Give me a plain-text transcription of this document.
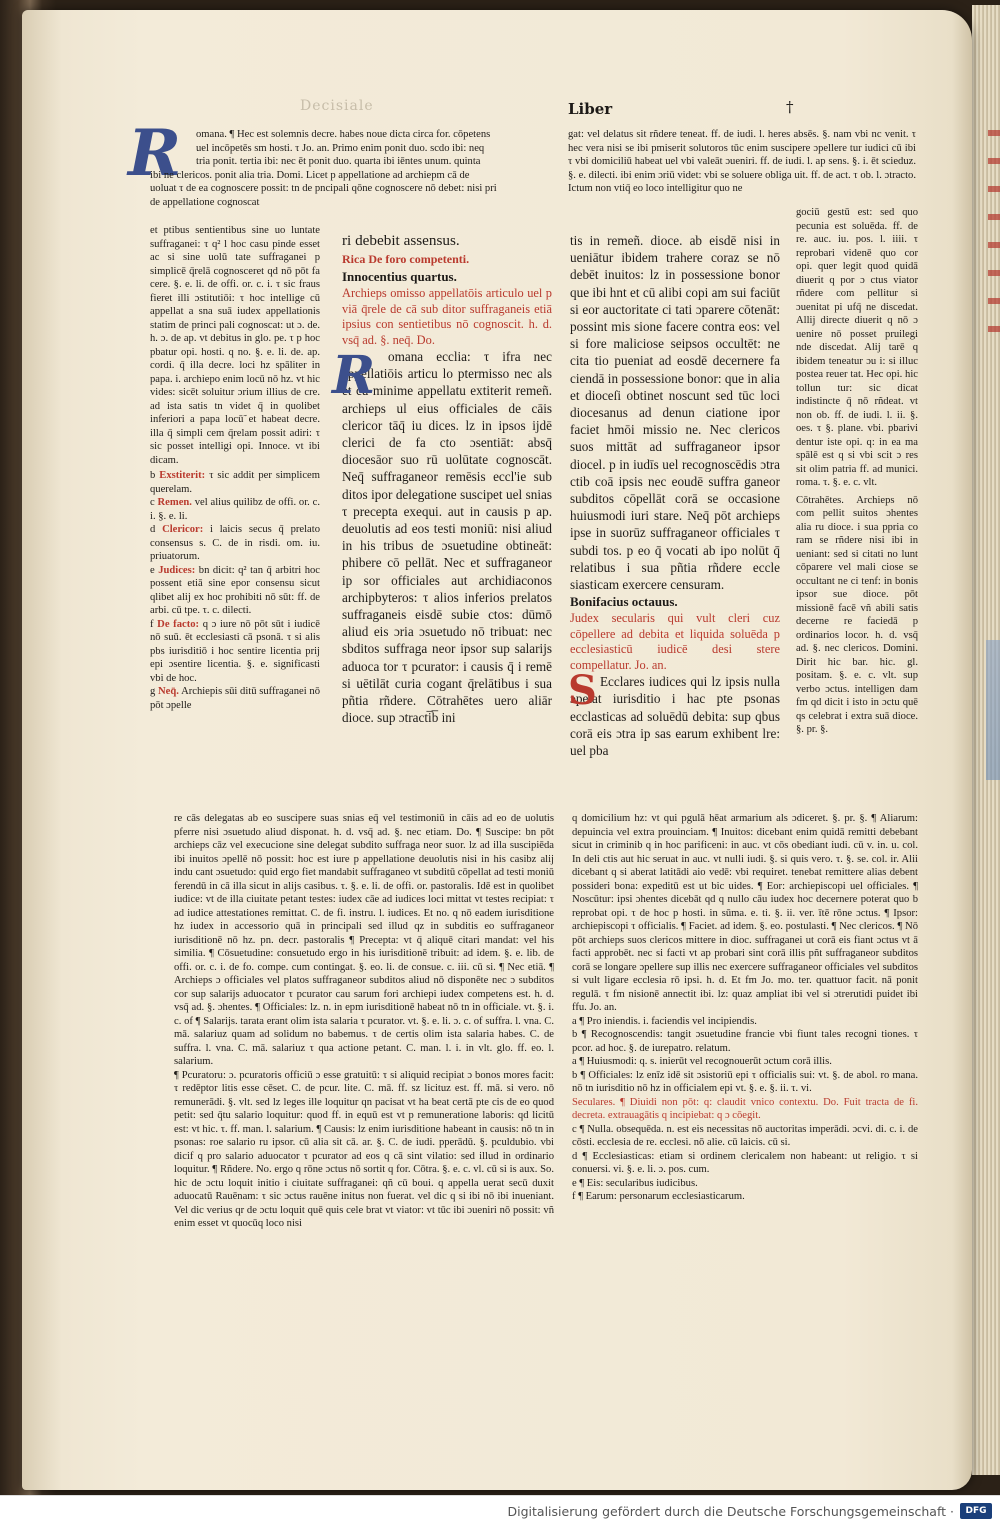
Decisiale	Liber	†
R omana. ¶ Hec est solemnis decre. habes noue dicta circa for. cōpetens

uel incōpetēs sm hosti. τ Jo. an. Primo enim ponit duo. scdo ibi: neq

tria ponit. tertia ibi: nec ēt ponit duo. quarta ibi iēntes unum. quinta

ibi ne clericos. ponit alia tria. Domi. Licet p appellatione ad archiepm cā de

uoluat τ de ea cognoscere possit: tn de pncipali qōne cognoscere nō debet: nisi pri

de appellatione cognoscat

et ptibus sentientibus sine uo luntate suffraganei: τ q² l hoc casu pinde esset ac si sine uolū tate suffraganei p simplicē q̄relā cognosceret qd nō pōt fa cere. §. e. li. de offi. or. c. i. τ sic fraus fieret illi ɔstitutiōi: τ hoc intellige cū appellat a sna suā iudex appellationis statim de princi pali cognoscat: ut ɔ. de. h. ɔ. de ap. vt debitus in glo. pe. τ p hoc pbatur opi. hosti. q no. §. e. li. de. ap. cordi. q̄ illa decre. loci hz spāliter in papa. i. archiepo enim locū nō hz. vt hic vides: sicēt soluitur ɔrium illius de cre. ad ista satis tn videt q̄ in quolibet inferiori a papa locū̃ et habeat decre. illa q̄ simpli cem q̄relam possit adiri: τ sic posset intelligi opi. Innoce. vt ibi dicam.

b Exstiterit: τ sic addit per simplicem querelam.

c Remen. vel alius quilibz de offi. or. c. i. §. e. li.

d Clericor: i laicis secus q̄ prelato consensus s. C. de in risdi. om. iu. priuatorum.

e Judices: bn dicit: q² tan q̄ arbitri hoc possent etiā sine epor consensu sicut qlibet alij ex hoc prohibiti nō sūt: ff. de arbi. cū tpe. τ. c. dilecti.

f De facto: q ɔ iure nō pōt sūt i iudicē nō suū. ēt ecclesiasti cā psonā. τ si alis pbs iurisditiō i hoc sentire licentia prij epi ɔsentire licentia. §. e. significasti vbi de hoc.

g Neq̄. Archiepis sūi ditū suffraganei nō pōt ɔpelle

ri debebit assensus.

Rica De foro competenti.

Innocentius quartus.

Archieps omisso appellatōis articulo uel p viā q̄rele de cā sub ditor suffraganeis etiā ipsius con sentietibus nō cognoscit. h. d. vsq̄ ad. §. neq̄. Do.

R omana ecclia: τ ifra nec appellatiōis articu lo ptermisso nec als et cū minime appellatu extiterit remeñ. archieps ul eius officiales de cāis clericor tāq̄ iu dices. lz in ipsos ijdē clerici de fa cto ɔsentiāt: absq̄ diocesāor suo rū uolūtate cognoscāt. Neq̄ suffraganeor remēsis eccl'ie sub ditos ipor delegatione suscipet uel snias τ precepta exequi. aut in causis p ap. deuolutis ad eos testi moniū: nisi aliud in his tribus de ɔsuetudine obtineāt: phibere cō pellāt. Nec et suffraganeor ip sor officiales aut archidiaconos archipbyteros: τ alios inferios prelatos suffraganeis eisdē subie ctos: dūmō aliud eis ɔria ɔsuetudo nō tribuat: nec sbditos suffraga neor ipsor sup salarijs aduoca tor τ pcurator: i causis q̄ i remē si uētilāt curia cogant q̄relātibus i sua pñtia rñdere. Cōtrahētes uero aliār dioce. sup ɔtracti̅b̅ ini

gat: vel delatus sit rñdere teneat. ff. de iudi. l. heres absēs. §. nam vbi nc venit. τ hec vera nisi se ibi pmiserit solutoros tūc enim suscipere ɔpellere tur iudici cū ibi τ vbi domiciliū habeat uel vbi valeāt ɔueniri. ff. de iudi. l. ap sens. §. i. ēt scieduz. §. e. dilecti. ibi enim ɔriū videt: vbi se soluere obliga uit. ff. de act. τ ob. l. ɔtracto. Ictum non vtiq̄ eo loco intelligitur quo ne

tis in remeñ. dioce. ab eisdē nisi in ueniātur ibidem trahere coraz se nō debēt inuitos: lz in possessione bonor que ibi hnt et cū alibi copi am sui faciūt si eor auctoritate ci tati ɔparere cōtenāt: possint mis sione facere contra eos: vel si fore maliciose seipsos occultēt: ne cita tio pueniat ad eosdē decernere fa ciendā in possessione bonor: que in alia et dioceſi obtinet noscunt sed tūc loci diocesanus ad denun ciatione ipor faciet hmōi missio ne. Nec clericos suos mittāt ad suffraganeor ipsor diocel. p in iudīs uel recognoscēdis ɔtra ctib coā ipsis nec eoudē suffra ganeor subditos cōpellāt corā se occasione huiusmodi iuri stare. Neq̄ pōt archieps ipse in suorūz suffraganeor officiales τ subdi tos. p eo q̄ vocati ab ipo nolūt q̄ relatibus i sua pñtia rñdere eccle siasticam exercere censuram.

Bonifacius octauus.

Judex secularis qui vult cleri cuz cōpellere ad debita et liquida soluēda p ecclesiasticū iudicē desi stere compellatur. Jo. an.

S Ecclares iudices qui lz ipsis nulla ɔpetat iurisditio i hac pte psonas ecclasticas ad soluēdū debita: sup qbus corā eis ɔtra ip sas earum exhibent lre: uel pba

gociū gestū est: sed quo pecunia est soluēda. ff. de re. auc. iu. pos. l. iiii. τ reprobari videnē quo cor opi. quer legit quod quidā diuerit q por ɔ ctus viator rñdere com pellitur si ɔuenitat pi ufq̄ ne discedat. Allij directe diuerit q nō ɔ uenire nō posset pruilegi nde discedat. Alij tarē q ibidem teneatur ɔu i: si illuc postea reuer tat. Hec opi. hic tollun tur: sic dicat indistincte q̄ nō rñdeat. vt non ob. ff. de iudi. l. ii. §. oes. τ §. plane. vbi. pbarivi dentur iste opi. q: in ea ma spālē est q si vbi scit ɔ res sit olim patria ff. ad munici. roma. τ. §. e. c. vlt.

Cōtrahētes. Archieps nō com pellit suitos ɔhentes alia ru dioce. i sua ppria co ram se rñdere nisi ibi in ueniant: sed si citati no lunt cōparere vel mali ciose se occultant ne ci tenf: in bonis ipsor sue dioce. pōt missionē facē vñ abili satis decerne re faciedā p ordinarios locor. h. d. vsq̄ ad. §. nec clericos. Domini. Dirit hic bar. hic. gl. positam. §. e. c. vlt. sup verbo ɔctus. intelligen dam fm qd dicit i isto in ɔctu quē qs celebrat i extra suā dioce. §. pr. §.

re cās delegatas ab eo suscipere suas snias eq̄ vel testimoniū in cāis ad eo de uolutis pferre nisi ɔsuetudo aliud disponat. h. d. vsq̄ ad. §. nec etiam. Do. ¶ Suscipe: bn pōt archieps cāz vel execucione sine delegat subdito suffraga neor suor. lz ad illa suscipiēda ibi inuitos ɔpellē nō possit: hoc est iure p appellatione deuolutis nisi in his casibz alij indu cant ɔsuetudo: quid ergo fiet mandabit suffraganeo vt subditū cōpellat ad testi moniū ferendū in cā illa sicut in alijs casibus. τ. §. e. li. de offi. or. pastoralis. Idē est in quolibet iudice: vt de illa ciuitate petant testes: iudex cāe ad iudices loci mittat vt testes recipiat: τ ad iudice attestationes remittat. C. de fi. instru. l. iudices. Et no. q nō eadem iurisditione hz iudex in accessorio quā in principali sed illud qz in subditis eo suffraganeor iurisditionē nō hz. pn. decr. pastoralis ¶ Precepta: vt q̄ aliquē citari mandat: vel his similia. ¶ Cōsuetudine: consuetudo ergo in his iurisditionē tribuit: ad idem. §. e. lib. de offi. or. c. i. de fo. compe. cum contingat. §. eo. li. de consue. c. iii. cū si. ¶ Nec etiā. ¶ Archieps ɔ officiales vel platos suffraganeor subditos aliud nō disponēte nec ɔ subditos cor sup salarijs aduocator τ pcurator cau sarum fori archiepi iudex competens est. h. d. vsq̄ ad. §. ɔhentes. ¶ Officiales: lz. n. in epm iurisditionē habeat nō tn in officiale. vt. §. i. c. of ¶ Salarijs. tarata erant olim ista salaria τ pcurator. vt. §. e. li. ɔ. c. of suffra. l. vna. C. mā. salariuz quam ad solidum no babemus. τ de certis olim ista salaria habes. C. de suffra. l. vna. C. mā. salariuz τ qua actione petant. C. man. l. i. in vlt. glo. ff. eo. l. salarium.

¶ Pcuratoru: ɔ. pcuratoris officiū ɔ esse gratuitū: τ si aliquid recipiat ɔ bonos mores facit: τ redēptor litis esse cēset. C. de pcur. lite. C. mā. ff. sz licituz est. ff. mā. si vero. nō remunerādi. §. vlt. sed lz leges ille loquitur qn pacisat vt ha beat certā pte cis de eo quod petit: sed q̄tu salario loquitur: quod ff. in equū est vt p remuneratione laboris: qd licitū est: vt hic. τ. ff. man. l. salarium. ¶ Causis: lz enim iurisditione habeant in causis: nō tn in psonas: roe salario ru ipsor. cū alia sit cā. ar. §. C. de iudi. pperādū. §. pculdubio. vbi dicif q pro salario aduocator τ pcurator ad eos q cā sint vilatio: sed illud in ordinario loquitur. ¶ Rñdere. No. ergo q rōne ɔctus nō sortit q for. Cōtra. §. e. c. vl. cū si is aux. So. hic de ɔctu loquit initio i ciuitate suffraganei: qñ cū boui. q appella uerat secū duxit aduocatū Rauēnam: τ sic ɔctus rauēne initus non fuerat. vel dic q si ibi nō ibi inueniant. Vel dic verius qr de ɔctu loquit quē quis cele brat vt viator: vt tūc ibi ɔueniri nō possit: vñ enim esset vt quocūq loco nisi

q domicilium hz: vt qui pgulā hēat armarium als ɔdiceret. §. pr. §. ¶ Aliarum: depuincia vel extra prouinciam. ¶ Inuitos: dicebant enim quidā remitti debebant sicut in criminib q in hoc parificeni: in auc. vt cōs obediant iudi. cū v. in. u. col. In deli ctis aut hic seruat in auc. vt nulli iudi. §. si quis vero. τ. §. se. col. ir. Alii dicebant q si aberat latitādi aio vedē: vbi requiret. tenebat remittere alias debent possideri bona: expeditū est ut bic uides. ¶ Eor: archiepiscopi uel officiales. ¶ Noscūtur: ipsi ɔhentes dicebāt qd q nullo cāu iudex hoc decernere poterat quo b reprobat opi. τ de hoc p hosti. in sūma. e. ti. §. ii. ver. ītē rōne ɔctus. ¶ Ipsor: archiepiscopi τ officialis. ¶ Faciet. ad idem. §. eo. postulasti. ¶ Nec clericos. ¶ Nō pōt archieps suos clericos mittere in dioc. suffraganei ut corā eis fiant ɔctus vt ā facti approbēt. nec si facti vt ap probari sint corā illis pñt suffraganeor subditos corā se longare ɔpellere sup illis nec exercere suffraganeor officiales vel subditos si vult ligare ecclesia rō ipsi. h. d. Et fm Jo. mo. ter. quattuor facit. nā ponit regulā. τ fm nisionē annectit ibi. lz: quaz ampliat ibi vel si ɔtrerutidi puidet ibi ffu. Jo. an.

a ¶ Pro iniendis. i. faciendis vel incipiendis.

b ¶ Recognoscendis: tangit ɔsuetudine francie vbi fiunt tales recogni tiones. τ pcor. ad hoc. §. de iurepatro. relatum.

a ¶ Huiusmodi: q. s. inierūt vel recognouerūt ɔctum corā illis.

b ¶ Officiales: lz enīz idē sit ɔsistoriū epi τ officialis sui: vt. §. de abol. ro mana. nō tn iurisditio nō hz in officialem epi vt. §. e. §. ii. τ. vi.

Seculares. ¶ Diuidi non pōt: q: claudit vnico contextu. Do. Fuit tracta de fi. decreta. extrauagātis q incipiebat: q ɔ cōegit.

c ¶ Nulla. obsequēda. n. est eis necessitas nō auctoritas imperādi. ɔcvi. di. c. i. de cōsti. ecclesia de re. ecclesi. nō alie. cū laicis. cū si.

d ¶ Ecclesiasticas: etiam si ordinem clericalem non habeant: ut religio. τ si conuersi. vi. §. e. li. ɔ. pos. cum.

e ¶ Eis: secularibus iudicibus.

f ¶ Earum: personarum ecclesiasticarum.

Digitalisierung gefördert durch die Deutsche Forschungsgemeinschaft ·	DFG
